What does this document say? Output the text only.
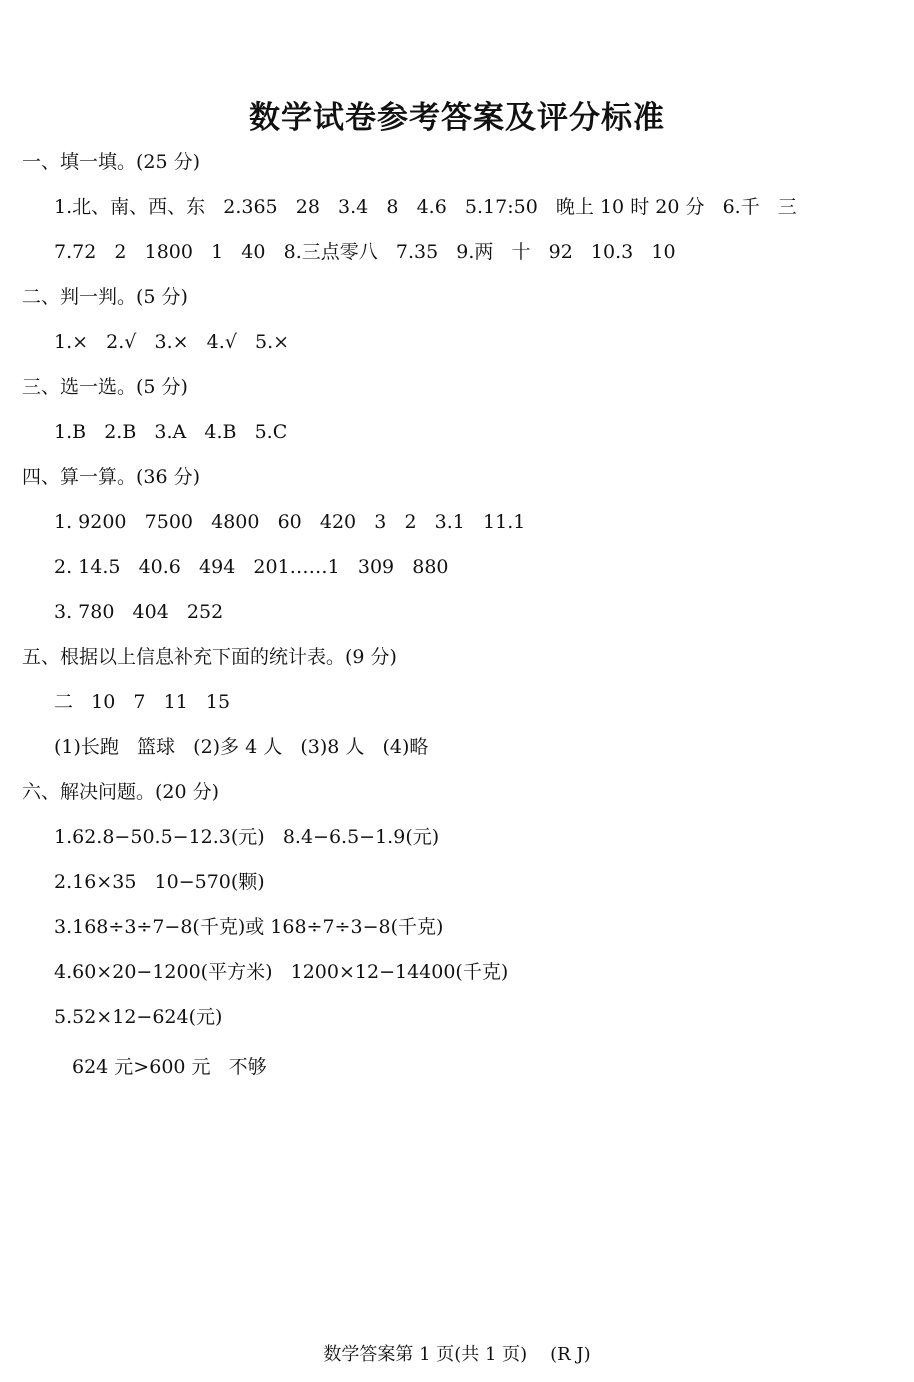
数学试卷参考答案及评分标准
一、填一填。(25 分)
1.北、南、西、东   2.365   28   3.4   8   4.6   5.17:50   晚上 10 时 20 分   6.千   三
7.72   2   1800   1   40   8.三点零八   7.35   9.两   十   92   10.3   10
二、判一判。(5 分)
1.×   2.√   3.×   4.√   5.×
三、选一选。(5 分)
1.B   2.B   3.A   4.B   5.C
四、算一算。(36 分)
1. 9200   7500   4800   60   420   3   2   3.1   11.1
2. 14.5   40.6   494   201……1   309   880
3. 780   404   252
五、根据以上信息补充下面的统计表。(9 分)
二   10   7   11   15
(1)长跑   篮球   (2)多 4 人   (3)8 人   (4)略
六、解决问题。(20 分)
1.62.8−50.5−12.3(元)   8.4−6.5−1.9(元)
2.16×35   10−570(颗)
3.168÷3÷7−8(千克)或 168÷7÷3−8(千克)
4.60×20−1200(平方米)   1200×12−14400(千克)
5.52×12−624(元)
624 元>600 元   不够
数学答案第 1 页(共 1 页)    (R J)
